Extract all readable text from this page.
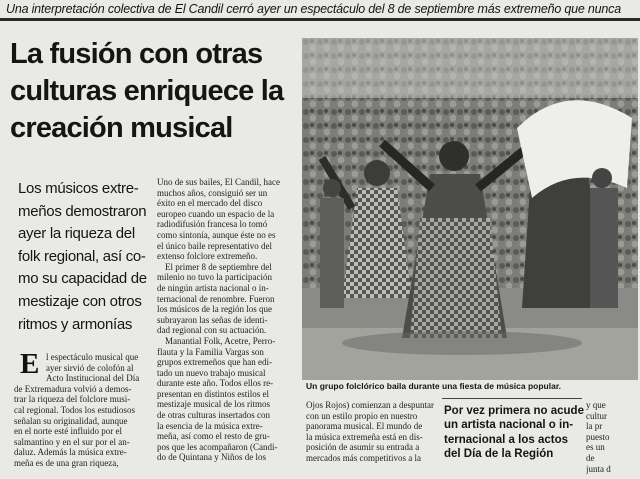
Una interpretación colectiva de El Candil cerró ayer un espectáculo del 8 de septiembre más extremeño que nunca
La fusión con otras
culturas enriquece la
creación musical
Los músicos extre-
meños demostraron
ayer la riqueza del
folk regional, así co-
mo su capacidad de
mestizaje con otros
ritmos y armonías
Un grupo folclórico baila durante una fiesta de música popular.
E l espectáculo musical que
ayer sirvió de colofón al
Acto Institucional del Día
de Extremadura volvió a demos-
trar la riqueza del folclore musi-
cal regional. Todos los estudiosos
señalan su originalidad, aunque
en el norte esté influido por el
salmantino y en el sur por el an-
daluz. Además la música extre-
meña es de una gran riqueza,
Uno de sus bailes, El Candil, hace
muchos años, consiguió ser un
éxito en el mercado del disco
europeo cuando un espacio de la
radiodifusión francesa lo tomó
como sintonía, aunque éste no es
el único baile representativo del
extenso folclore extremeño.
El primer 8 de septiembre del
milenio no tuvo la participación
de ningún artista nacional o in-
ternacional de renombre. Fueron
los músicos de la región los que
subrayaron las señas de identi-
dad regional con su actuación.
Manantial Folk, Acetre, Perro-
flauta y la Familia Vargas son
grupos extremeños que han edi-
tado un nuevo trabajo musical
durante este año. Todos ellos re-
presentan en distintos estilos el
mestizaje musical de los ritmos
de otras culturas insertados con
la esencia de la música extre-
meña, así como el resto de gru-
pos que les acompañaron (Candi-
do de Quintana y Niños de los
Ojos Rojos) comienzan a despuntar
con un estilo propio en nuestro
panorama musical. El mundo de
la música extremeña está en dis-
posición de asumir su entrada a
mercados más competitivos a la
Por vez primera no acude
un artista nacional o in-
ternacional a los actos
del Día de la Región
y que
cultur
la pr
puesto
es un
de
junta d
